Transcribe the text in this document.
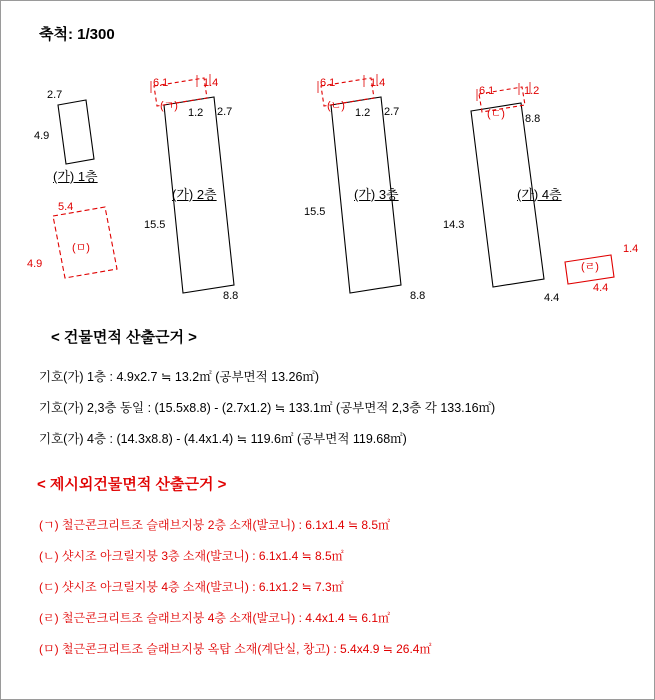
축척: 1/300
2.7
4.9
(가) 1층
5.4
4.9
(ㅁ)
6.1	1.4
(ㄱ)
1.2 2.7
15.5
8.8
(가) 2층
6.1	1.4
(ㄴ)
1.2 2.7
15.5
8.8
(가) 3층
6.1	1.2
(ㄷ) 8.8
14.3
4.4
(ㄹ)
1.4
4.4
(가) 4층
< 건물면적 산출근거 >
기호(가) 1층 : 4.9x2.7 ≒ 13.2㎡ (공부면적 13.26㎡)
기호(가) 2,3층 동일 : (15.5x8.8) - (2.7x1.2) ≒ 133.1㎡ (공부면적 2,3층 각 133.16㎡)
기호(가) 4층 : (14.3x8.8) - (4.4x1.4) ≒ 119.6㎡ (공부면적 119.68㎡)
< 제시외건물면적 산출근거 >
(ㄱ) 철근콘크리트조 슬래브지붕 2층 소재(발코니) : 6.1x1.4 ≒ 8.5㎡
(ㄴ) 샷시조 아크릴지붕 3층 소재(발코니) : 6.1x1.4 ≒ 8.5㎡
(ㄷ) 샷시조 아크릴지붕 4층 소재(발코니) : 6.1x1.2 ≒ 7.3㎡
(ㄹ) 철근콘크리트조 슬래브지붕 4층 소재(발코니) : 4.4x1.4 ≒ 6.1㎡
(ㅁ) 철근콘크리트조 슬래브지붕 옥탑 소재(계단실, 창고) : 5.4x4.9 ≒ 26.4㎡
